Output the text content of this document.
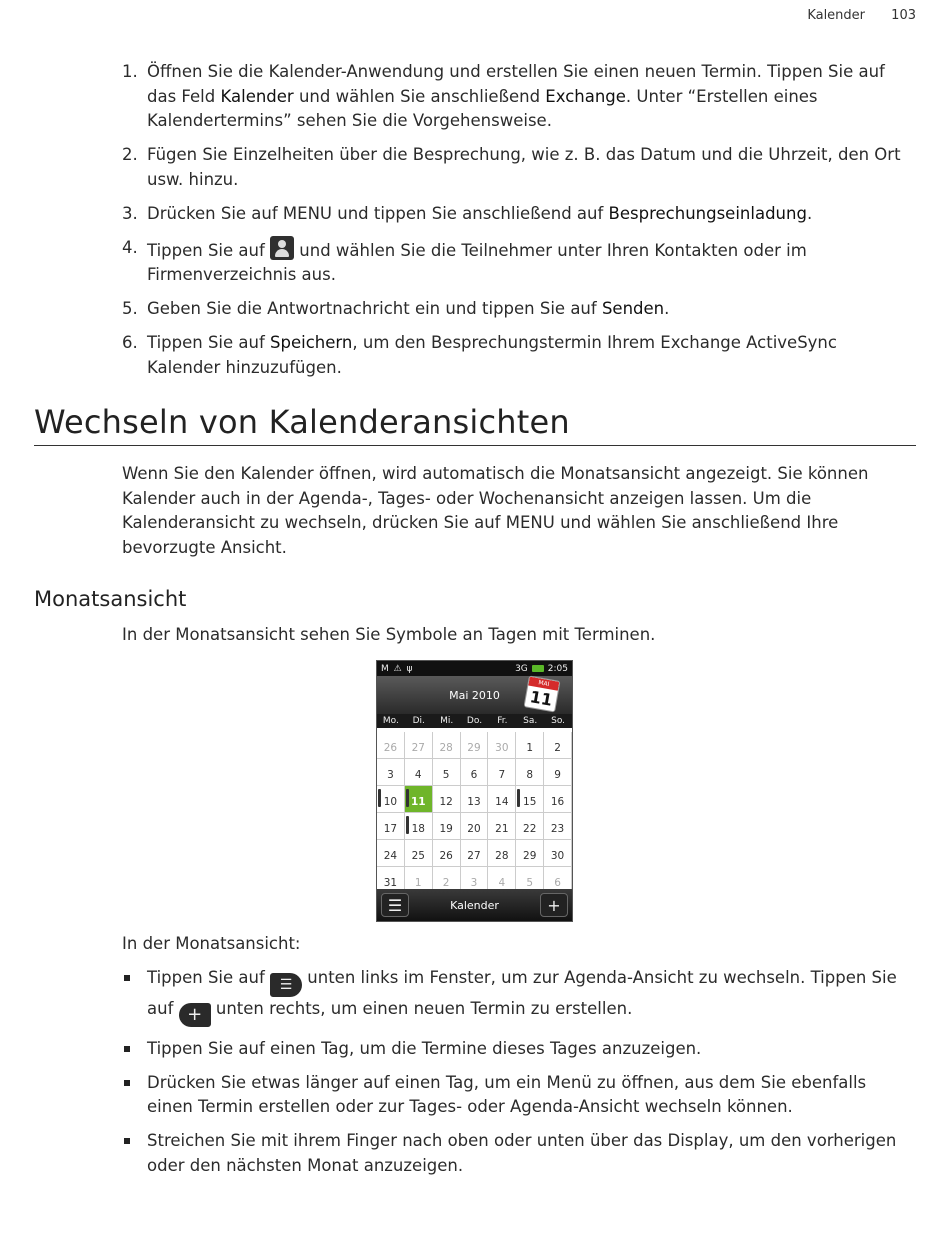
Kalender 103
1. Öffnen Sie die Kalender-Anwendung und erstellen Sie einen neuen Termin. Tippen Sie auf das Feld Kalender und wählen Sie anschließend Exchange. Unter “Erstellen eines Kalendertermins” sehen Sie die Vorgehensweise.
2. Fügen Sie Einzelheiten über die Besprechung, wie z. B. das Datum und die Uhrzeit, den Ort usw. hinzu.
3. Drücken Sie auf MENU und tippen Sie anschließend auf Besprechungseinladung.
4. Tippen Sie auf  und wählen Sie die Teilnehmer unter Ihren Kontakten oder im Firmenverzeichnis aus.
5. Geben Sie die Antwortnachricht ein und tippen Sie auf Senden.
6. Tippen Sie auf Speichern, um den Besprechungstermin Ihrem Exchange ActiveSync Kalender hinzuzufügen.
Wechseln von Kalenderansichten

Wenn Sie den Kalender öffnen, wird automatisch die Monatsansicht angezeigt. Sie können Kalender auch in der Agenda-, Tages- oder Wochenansicht anzeigen lassen. Um die Kalenderansicht zu wechseln, drücken Sie auf MENU und wählen Sie anschließend Ihre bevorzugte Ansicht.

Monatsansicht

In der Monatsansicht sehen Sie Symbole an Tagen mit Terminen.

M ⚠ ψ	3G 2:05
Mai 2010
MAI
11
Mo.	Di.	Mi.	Do.	Fr.	Sa.	So.
26 27 28 29 30 1 2
3 4 5 6 7 8 9
10 11 12 13 14 15 16
17 18 19 20 21 22 23
24 25 26 27 28 29 30
31 1 2 3 4 5 6
☰	Kalender	+

In der Monatsansicht:

Tippen Sie auf ☰ unten links im Fenster, um zur Agenda-Ansicht zu wechseln. Tippen Sie auf + unten rechts, um einen neuen Termin zu erstellen.
Tippen Sie auf einen Tag, um die Termine dieses Tages anzuzeigen.
Drücken Sie etwas länger auf einen Tag, um ein Menü zu öffnen, aus dem Sie ebenfalls einen Termin erstellen oder zur Tages- oder Agenda-Ansicht wechseln können.
Streichen Sie mit ihrem Finger nach oben oder unten über das Display, um den vorherigen oder den nächsten Monat anzuzeigen.
